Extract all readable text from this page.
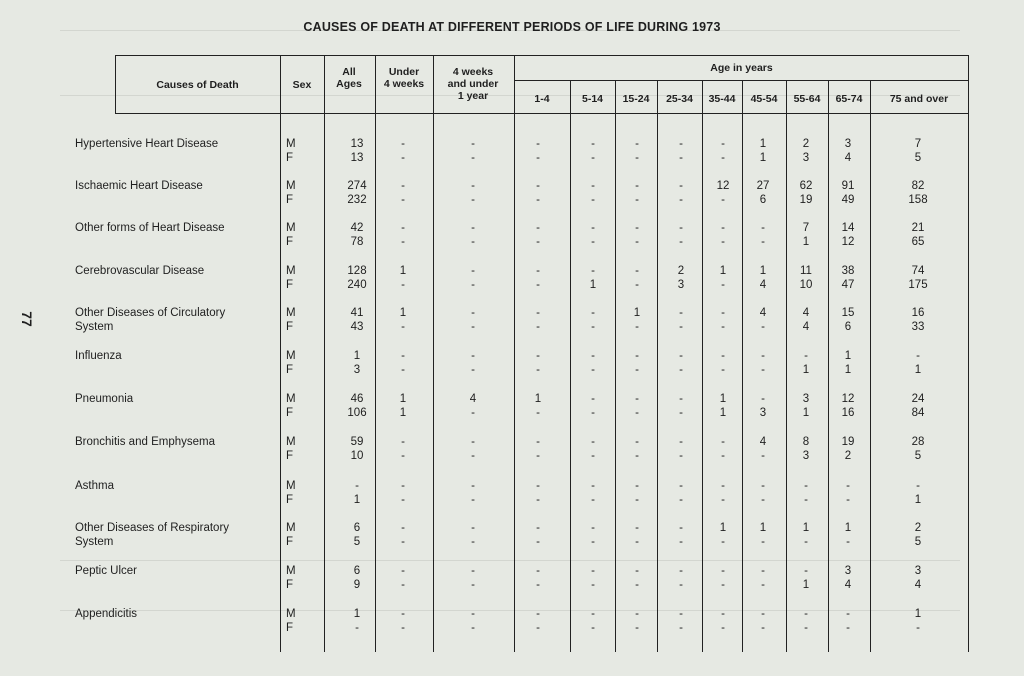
77
CAUSES OF DEATH AT DIFFERENT PERIODS OF LIFE DURING 1973
Causes of Death	Sex
All
Ages
Under
4 weeks
4 weeks
and under
1 year
Age in years
1-4	5-14	15-24	25-34	35-44	45-54	55-64	65-74	75 and over
Hypertensive Heart Disease	M	13	-	-	-	-	-	-	-	1	2	3	7
F	13	-	-	-	-	-	-	-	1	3	4	5
Ischaemic Heart Disease	M	274	-	-	-	-	-	-	12	27	62	91	82
F	232	-	-	-	-	-	-	-	6	19	49	158
Other forms of Heart Disease	M	42	-	-	-	-	-	-	-	-	7	14	21
F	78	-	-	-	-	-	-	-	-	1	12	65
Cerebrovascular Disease	M	128	1	-	-	-	-	2	1	1	11	38	74
F	240	-	-	-	1	-	3	-	4	10	47	175
Other Diseases of Circulatory
System
M	41	1	-	-	-	1	-	-	4	4	15	16
F	43	-	-	-	-	-	-	-	-	4	6	33
Influenza	M	1	-	-	-	-	-	-	-	-	-	1	-
F	3	-	-	-	-	-	-	-	-	1	1	1
Pneumonia	M	46	1	4	1	-	-	-	1	-	3	12	24
F	106	1	-	-	-	-	-	1	3	1	16	84
Bronchitis and Emphysema	M	59	-	-	-	-	-	-	-	4	8	19	28
F	10	-	-	-	-	-	-	-	-	3	2	5
Asthma	M	-	-	-	-	-	-	-	-	-	-	-	-
F	1	-	-	-	-	-	-	-	-	-	-	1
Other Diseases of Respiratory
System
M	6	-	-	-	-	-	-	1	1	1	1	2
F	5	-	-	-	-	-	-	-	-	-	-	5
Peptic Ulcer	M	6	-	-	-	-	-	-	-	-	-	3	3
F	9	-	-	-	-	-	-	-	-	1	4	4
Appendicitis	M	1	-	-	-	-	-	-	-	-	-	-	1
F	-	-	-	-	-	-	-	-	-	-	-	-
